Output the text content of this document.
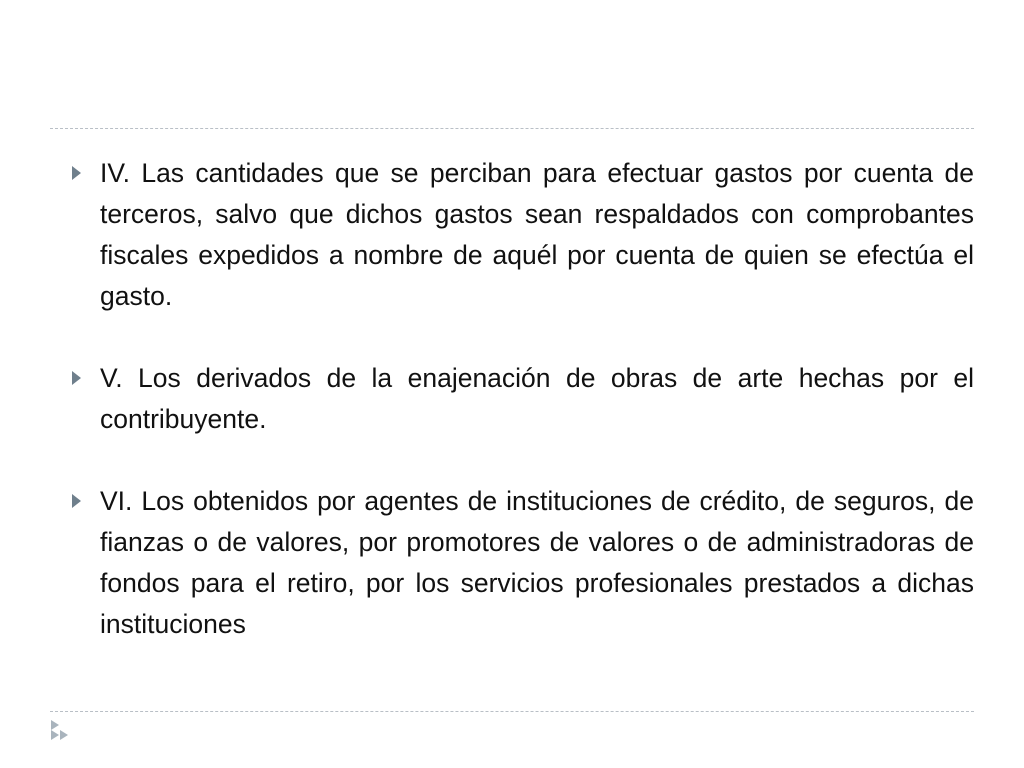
IV. Las cantidades que se perciban para efectuar gastos por cuenta de terceros, salvo que dichos gastos sean respaldados con comprobantes fiscales expedidos a nombre de aquél por cuenta de quien se efectúa el gasto.
V. Los derivados de la enajenación de obras de arte hechas por el contribuyente.
VI. Los obtenidos por agentes de instituciones de crédito, de seguros, de fianzas o de valores, por promotores de valores o de administradoras de fondos para el retiro, por los servicios profesionales prestados a dichas instituciones
